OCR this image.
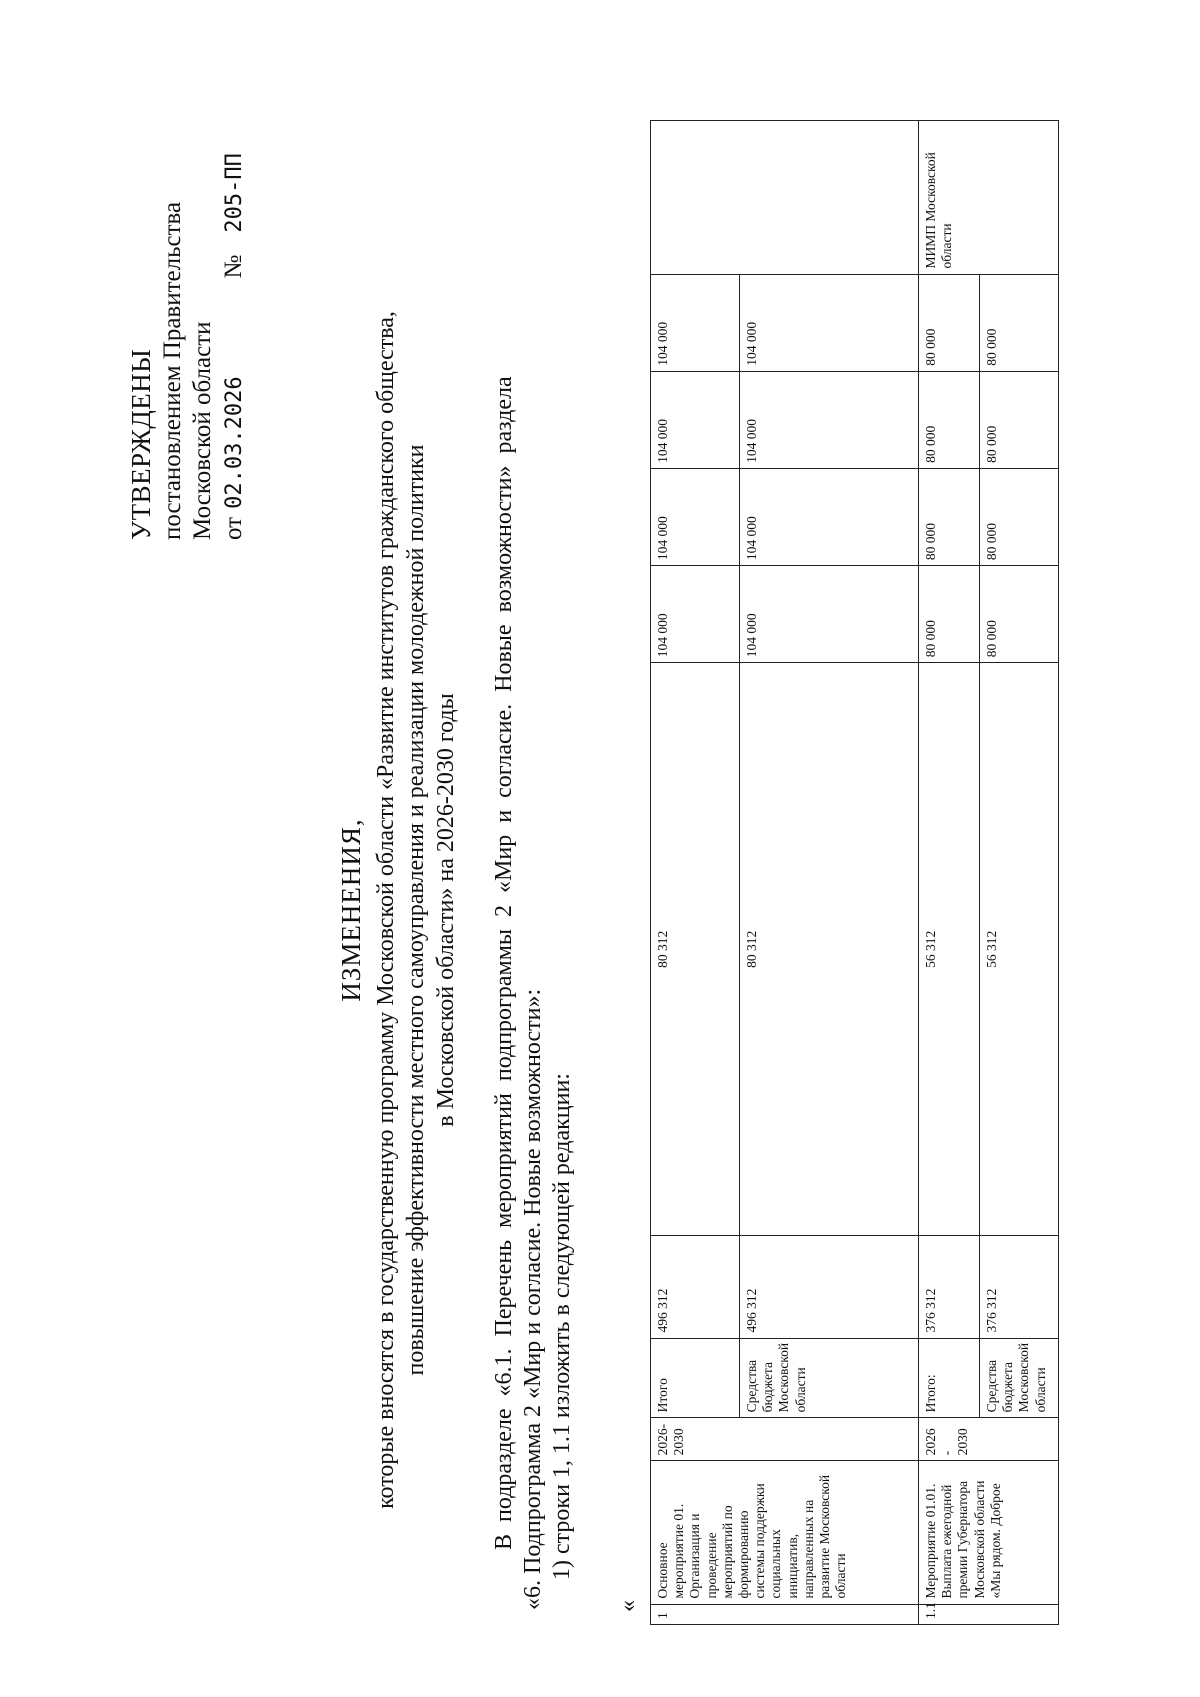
УТВЕРЖДЕНЫ постановлением Правительства Московской области от
02.03.2026
№
205-ПП
ИЗМЕНЕНИЯ, которые вносятся в государственную программу Московской области «Развитие институтов гражданского общества, повышение эффективности местного самоуправления и реализации молодежной политики в Московской области» на 2026-2030 годы В подразделе «6.1. Перечень мероприятий подпрограммы 2 «Мир и согласие. Новые возможности» раздела «6. Подпрограмма 2 «Мир и согласие. Новые возможности»: 1) строки 1, 1.1 изложить в следующей редакции:
«
1	Основное мероприятие 01. Организация и проведение мероприятий по формированию системы поддержки социальных инициатив, направленных на развитие Московской области	2026-2030	Итого	496 312	80 312	104 000	104 000	104 000	104 000	
			Средства бюджета Московской области	496 312	80 312	104 000	104 000	104 000	104 000	
1.1	Мероприятие 01.01. Выплата ежегодной премии Губернатора Московской области «Мы рядом. Доброе	2026 - 2030	Итого:	376 312	56 312	80 000	80 000	80 000	80 000	МИМП Московской области
			Средства бюджета Московской области	376 312	56 312	80 000	80 000	80 000	80 000	
